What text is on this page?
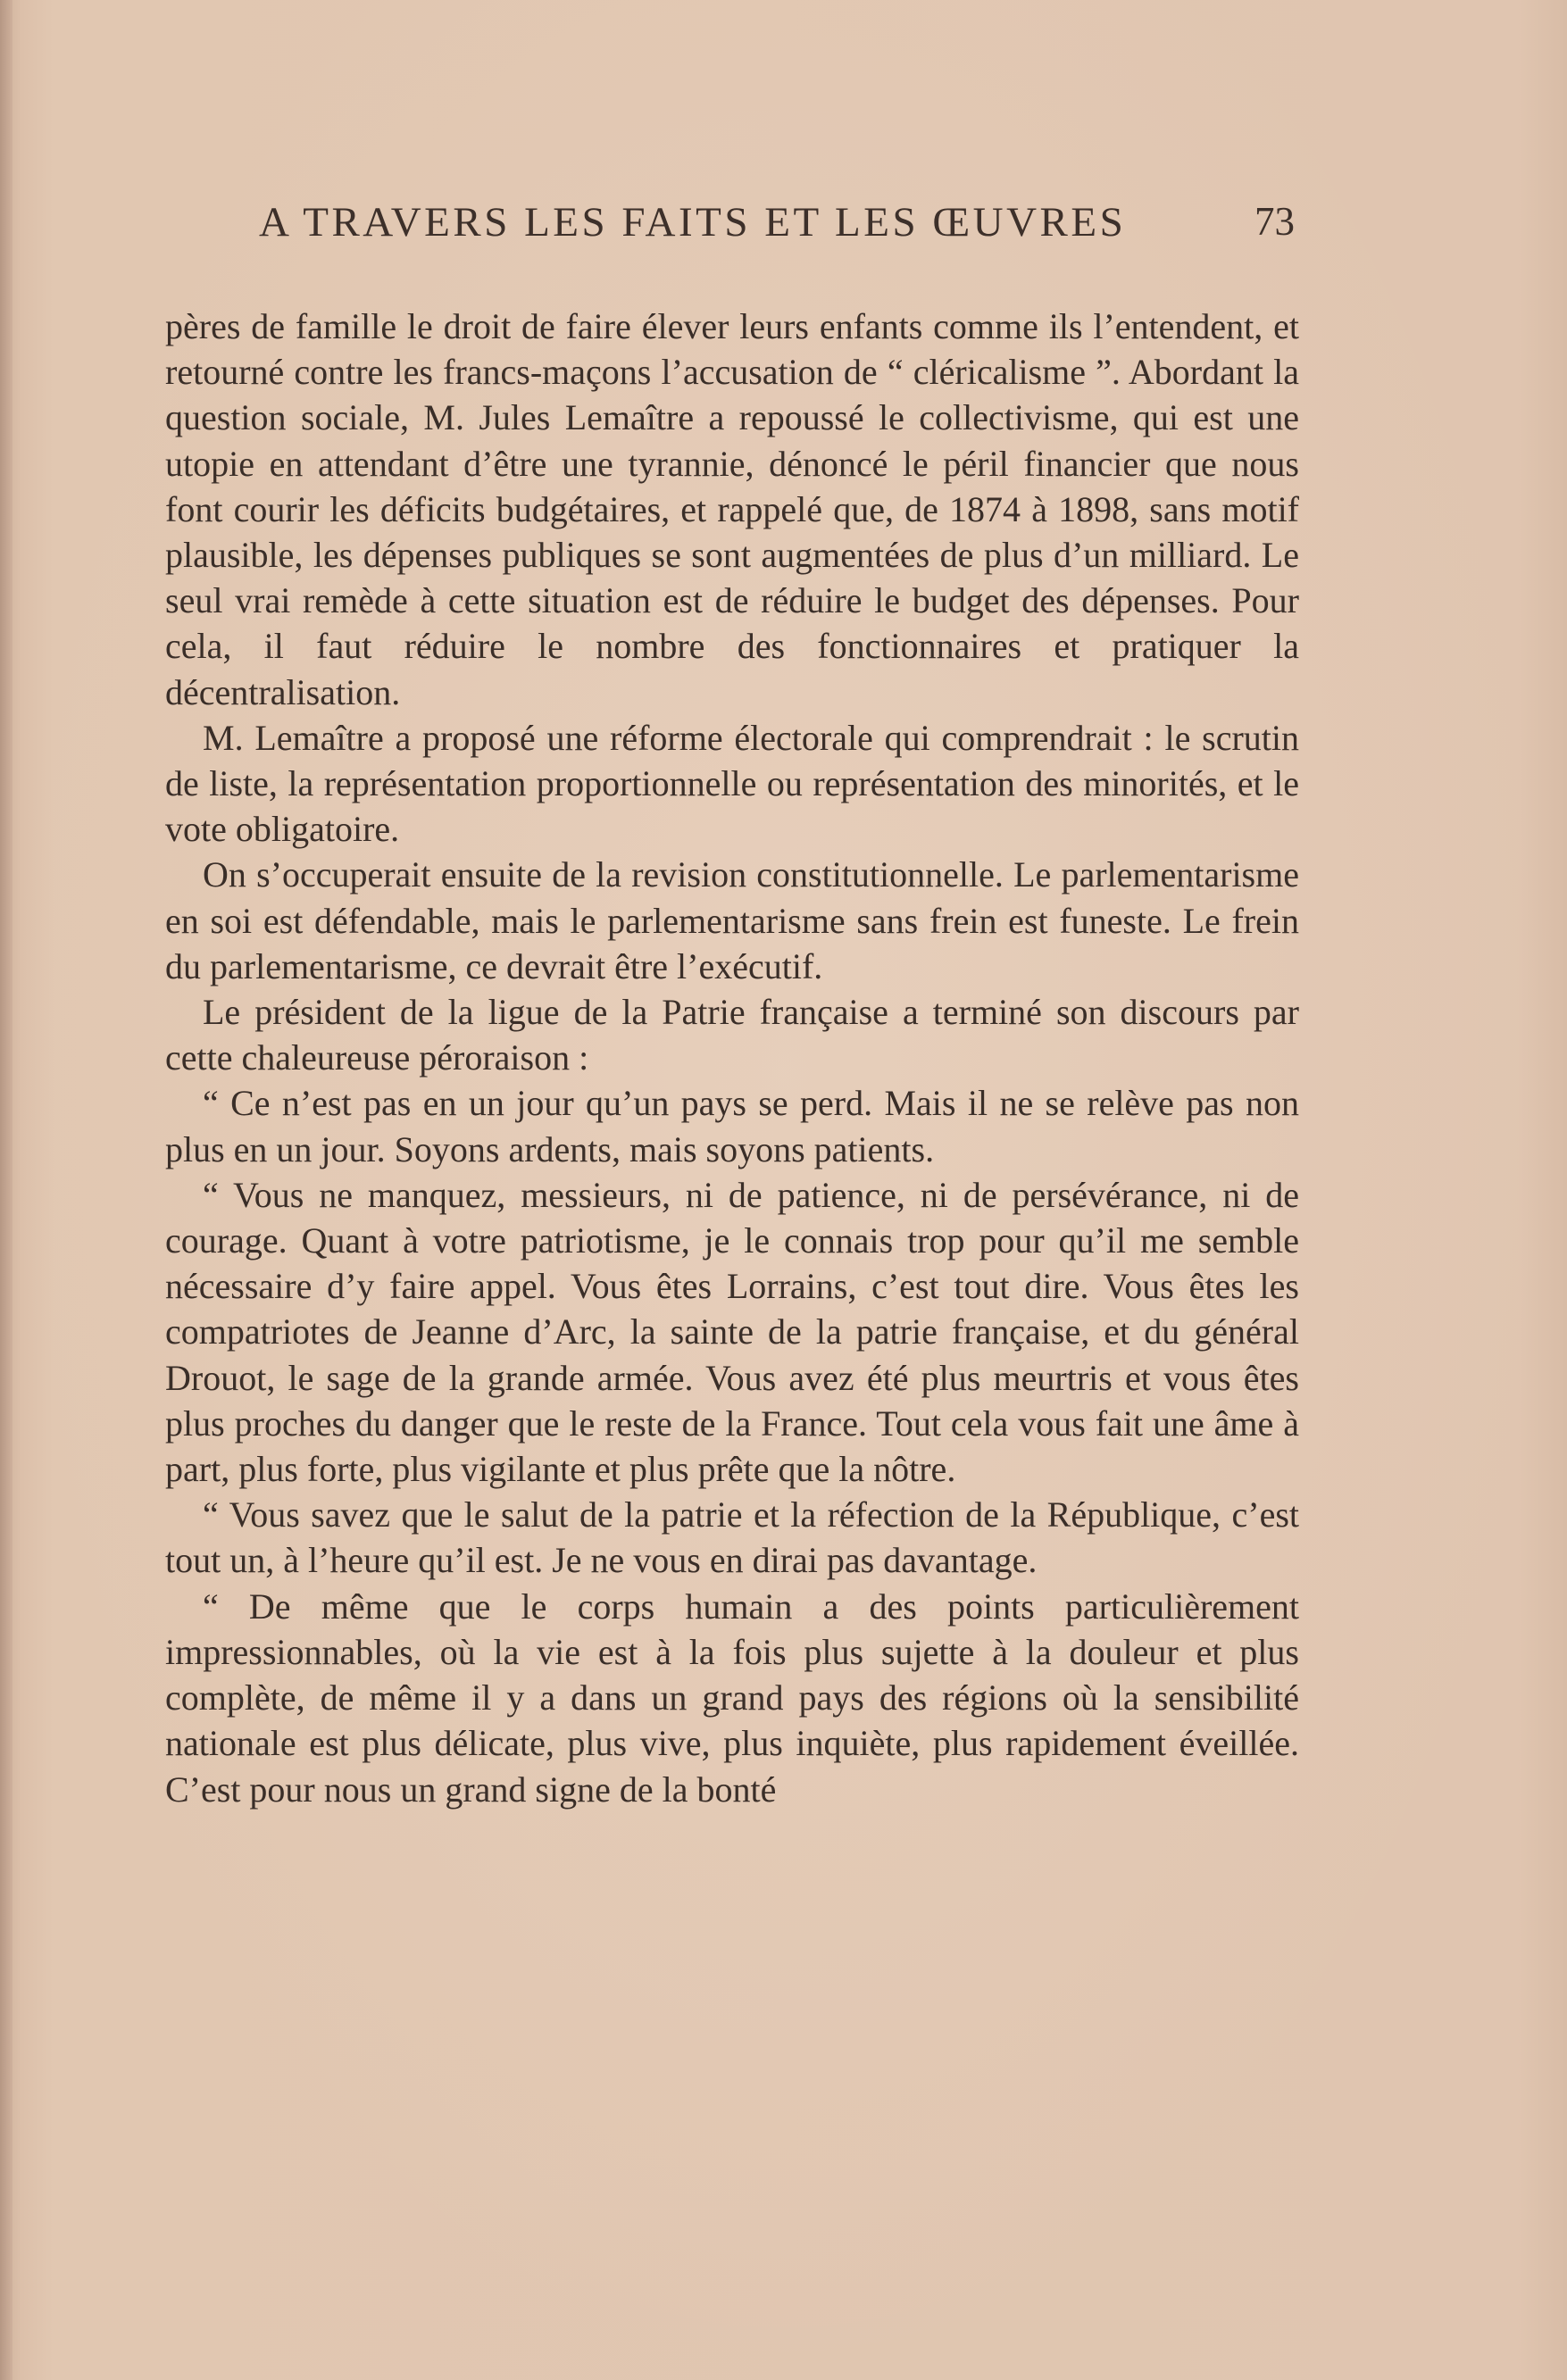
A TRAVERS LES FAITS ET LES ŒUVRES	73

pères de famille le droit de faire élever leurs enfants comme ils l’entendent, et retourné contre les francs-maçons l’accusation de “ cléricalisme ”. Abordant la question sociale, M. Jules Lemaître a repoussé le collectivisme, qui est une utopie en attendant d’être une tyrannie, dénoncé le péril financier que nous font courir les déficits budgétaires, et rappelé que, de 1874 à 1898, sans motif plausible, les dépenses publiques se sont augmentées de plus d’un milliard. Le seul vrai remède à cette situation est de réduire le budget des dépenses. Pour cela, il faut réduire le nombre des fonctionnaires et pratiquer la décentralisation.

M. Lemaître a proposé une réforme électorale qui comprendrait : le scrutin de liste, la représentation proportionnelle ou représentation des minorités, et le vote obligatoire.

On s’occuperait ensuite de la revision constitutionnelle. Le parlementarisme en soi est défendable, mais le parlementarisme sans frein est funeste. Le frein du parlementarisme, ce devrait être l’exécutif.

Le président de la ligue de la Patrie française a terminé son discours par cette chaleureuse péroraison :

“ Ce n’est pas en un jour qu’un pays se perd. Mais il ne se relève pas non plus en un jour. Soyons ardents, mais soyons patients.

“ Vous ne manquez, messieurs, ni de patience, ni de persévérance, ni de courage. Quant à votre patriotisme, je le connais trop pour qu’il me semble nécessaire d’y faire appel. Vous êtes Lorrains, c’est tout dire. Vous êtes les compatriotes de Jeanne d’Arc, la sainte de la patrie française, et du général Drouot, le sage de la grande armée. Vous avez été plus meurtris et vous êtes plus proches du danger que le reste de la France. Tout cela vous fait une âme à part, plus forte, plus vigilante et plus prête que la nôtre.

“ Vous savez que le salut de la patrie et la réfection de la République, c’est tout un, à l’heure qu’il est. Je ne vous en dirai pas davantage.

“ De même que le corps humain a des points particulièrement impressionnables, où la vie est à la fois plus sujette à la douleur et plus complète, de même il y a dans un grand pays des régions où la sensibilité nationale est plus délicate, plus vive, plus inquiète, plus rapidement éveillée. C’est pour nous un grand signe de la bonté
